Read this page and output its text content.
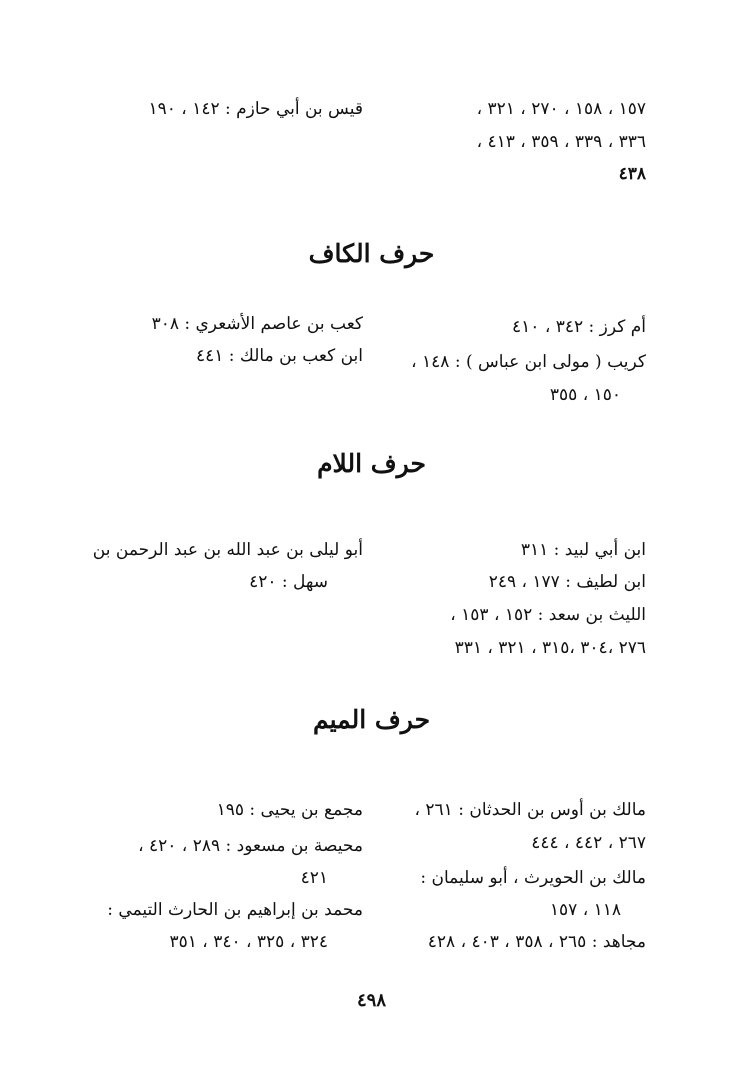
١٥٧ ، ١٥٨ ، ٢٧٠ ، ٣٢١ ،
٣٣٦ ، ٣٣٩ ، ٣٥٩ ، ٤١٣ ،
٤٣٨
قيس بن أبي حازم : ١٤٢ ، ١٩٠
حرف الكاف
أم كرز : ٣٤٢ ، ٤١٠
كريب ( مولى ابن عباس ) : ١٤٨ ،
١٥٠ ، ٣٥٥
كعب بن عاصم الأشعري : ٣٠٨
ابن كعب بن مالك : ٤٤١
حرف اللام
ابن أبي لبيد : ٣١١
ابن لطيف : ١٧٧ ، ٢٤٩
الليث بن سعد : ١٥٢ ، ١٥٣ ،
٢٧٦ ،٣٠٤ ،٣١٥ ، ٣٢١ ، ٣٣١
أبو ليلى بن عبد الله بن عبد الرحمن بن
سهل : ٤٢٠
حرف الميم
مالك بن أوس بن الحدثان : ٢٦١ ،
٢٦٧ ، ٤٤٢ ، ٤٤٤
مالك بن الحويرث ، أبو سليمان :
١١٨ ، ١٥٧
مجاهد : ٢٦٥ ، ٣٥٨ ، ٤٠٣ ، ٤٢٨
مجمع بن يحيى : ١٩٥
محيصة بن مسعود : ٢٨٩ ، ٤٢٠ ،
٤٢١
محمد بن إبراهيم بن الحارث التيمي :
٣٢٤ ، ٣٢٥ ، ٣٤٠ ، ٣٥١
٤٩٨
